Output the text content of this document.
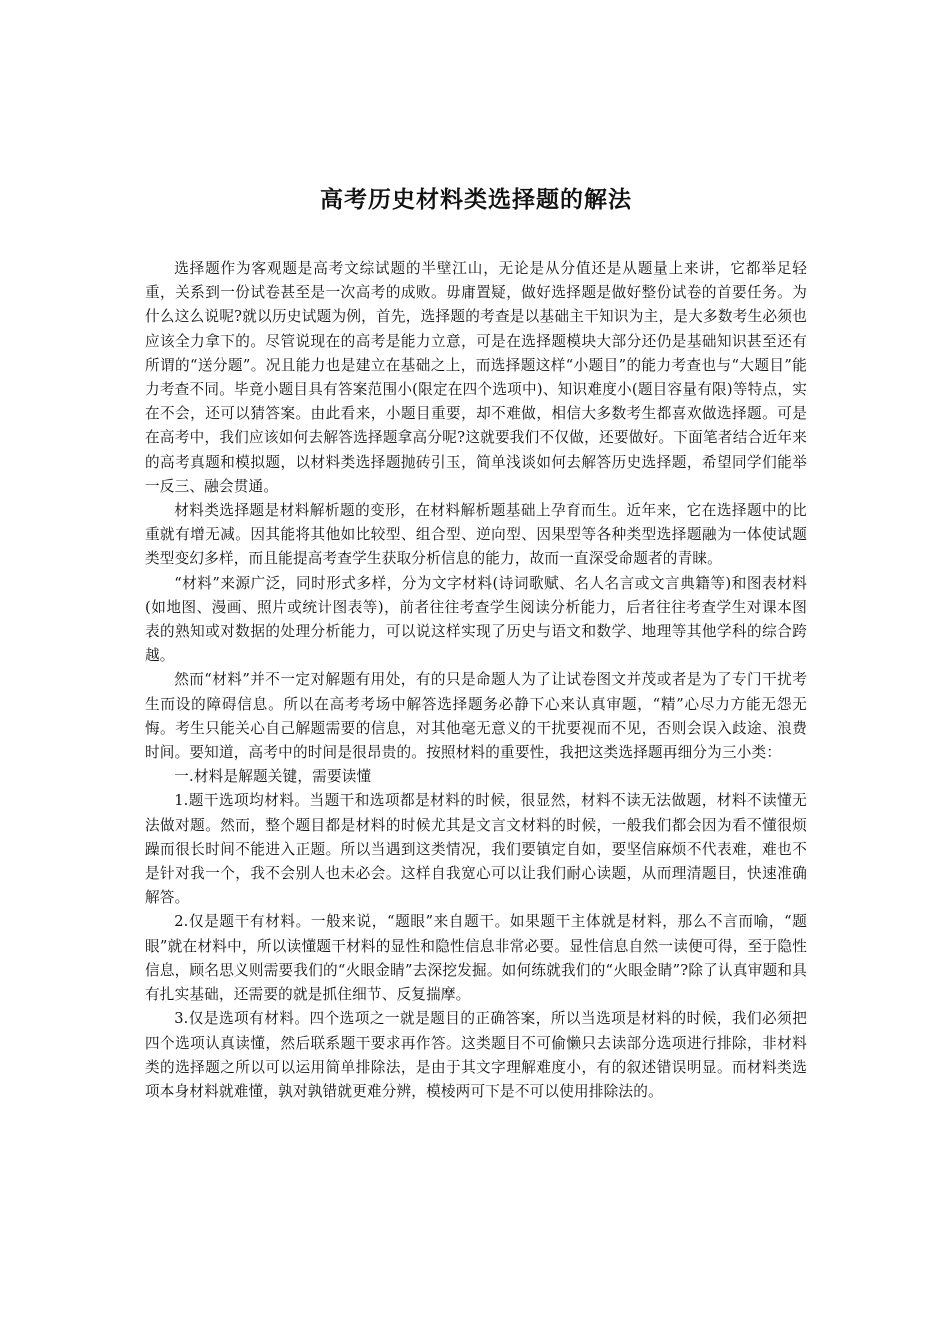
高考历史材料类选择题的解法

选择题作为客观题是高考文综试题的半壁江山，无论是从分值还是从题量上来讲，它都举足轻重，关系到一份试卷甚至是一次高考的成败。毋庸置疑，做好选择题是做好整份试卷的首要任务。为什么这么说呢?就以历史试题为例，首先，选择题的考查是以基础主干知识为主，是大多数考生必须也应该全力拿下的。尽管说现在的高考是能力立意，可是在选择题模块大部分还仍是基础知识甚至还有所谓的“送分题”。况且能力也是建立在基础之上，而选择题这样“小题目”的能力考查也与“大题目”能力考查不同。毕竟小题目具有答案范围小(限定在四个选项中)、知识难度小(题目容量有限)等特点，实在不会，还可以猜答案。由此看来，小题目重要，却不难做，相信大多数考生都喜欢做选择题。可是在高考中，我们应该如何去解答选择题拿高分呢?这就要我们不仅做，还要做好。下面笔者结合近年来的高考真题和模拟题，以材料类选择题抛砖引玉，简单浅谈如何去解答历史选择题，希望同学们能举一反三、融会贯通。

材料类选择题是材料解析题的变形，在材料解析题基础上孕育而生。近年来，它在选择题中的比重就有增无减。因其能将其他如比较型、组合型、逆向型、因果型等各种类型选择题融为一体使试题类型变幻多样，而且能提高考查学生获取分析信息的能力，故而一直深受命题者的青睐。

“材料”来源广泛，同时形式多样，分为文字材料(诗词歌赋、名人名言或文言典籍等)和图表材料(如地图、漫画、照片或统计图表等)，前者往往考查学生阅读分析能力，后者往往考查学生对课本图表的熟知或对数据的处理分析能力，可以说这样实现了历史与语文和数学、地理等其他学科的综合跨越。

然而“材料”并不一定对解题有用处，有的只是命题人为了让试卷图文并茂或者是为了专门干扰考生而设的障碍信息。所以在高考考场中解答选择题务必静下心来认真审题，“精”心尽力方能无怨无悔。考生只能关心自己解题需要的信息，对其他毫无意义的干扰要视而不见，否则会误入歧途、浪费时间。要知道，高考中的时间是很昂贵的。按照材料的重要性，我把这类选择题再细分为三小类：

一.材料是解题关键，需要读懂

1.题干选项均材料。当题干和选项都是材料的时候，很显然，材料不读无法做题，材料不读懂无法做对题。然而，整个题目都是材料的时候尤其是文言文材料的时候，一般我们都会因为看不懂很烦躁而很长时间不能进入正题。所以当遇到这类情况，我们要镇定自如，要坚信麻烦不代表难，难也不是针对我一个，我不会别人也未必会。这样自我宽心可以让我们耐心读题，从而理清题目，快速准确解答。

2.仅是题干有材料。一般来说，“题眼”来自题干。如果题干主体就是材料，那么不言而喻，“题眼”就在材料中，所以读懂题干材料的显性和隐性信息非常必要。显性信息自然一读便可得，至于隐性信息，顾名思义则需要我们的“火眼金睛”去深挖发掘。如何练就我们的“火眼金睛”?除了认真审题和具有扎实基础，还需要的就是抓住细节、反复揣摩。

3.仅是选项有材料。四个选项之一就是题目的正确答案，所以当选项是材料的时候，我们必须把四个选项认真读懂，然后联系题干要求再作答。这类题目不可偷懒只去读部分选项进行排除，非材料类的选择题之所以可以运用简单排除法，是由于其文字理解难度小，有的叙述错误明显。而材料类选项本身材料就难懂，孰对孰错就更难分辨，模棱两可下是不可以使用排除法的。
